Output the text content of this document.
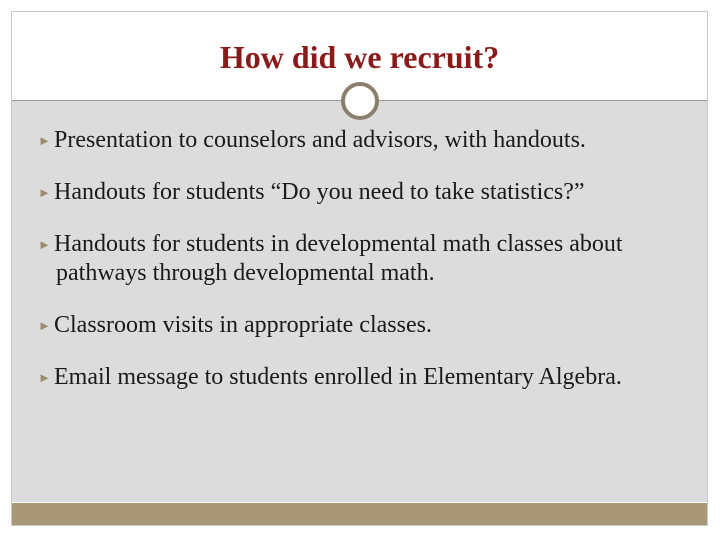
How did we recruit?
► Presentation to counselors and advisors, with handouts.
► Handouts for students “Do you need to take statistics?”
► Handouts for students in developmental math classes about pathways through developmental math.
► Classroom visits in appropriate classes.
► Email message to students enrolled in Elementary Algebra.
